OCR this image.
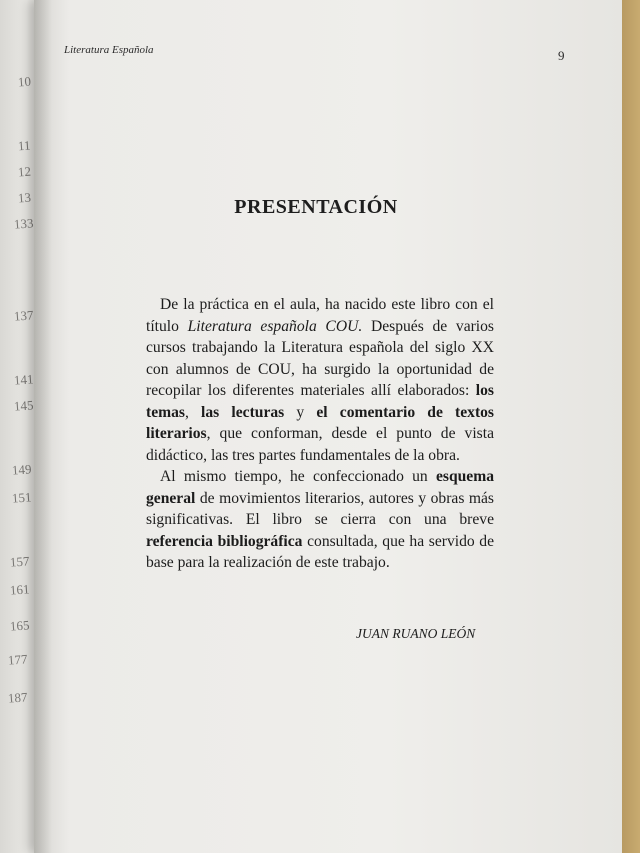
10
11
12
13
133
137
141
145
149
151
157
161
165
177
187
Literatura Española	9
PRESENTACIÓN

De la práctica en el aula, ha nacido este libro con el título Literatura española COU. Después de varios cursos trabajando la Literatura española del siglo XX con alumnos de COU, ha surgido la oportunidad de recopilar los diferentes materiales allí elaborados: los temas, las lecturas y el comentario de textos literarios, que conforman, desde el punto de vista didáctico, las tres partes fundamentales de la obra.

Al mismo tiempo, he confeccionado un esquema general de movimientos literarios, autores y obras más significativas. El libro se cierra con una breve referencia bibliográfica consultada, que ha servido de base para la realización de este trabajo.

JUAN RUANO LEÓN
